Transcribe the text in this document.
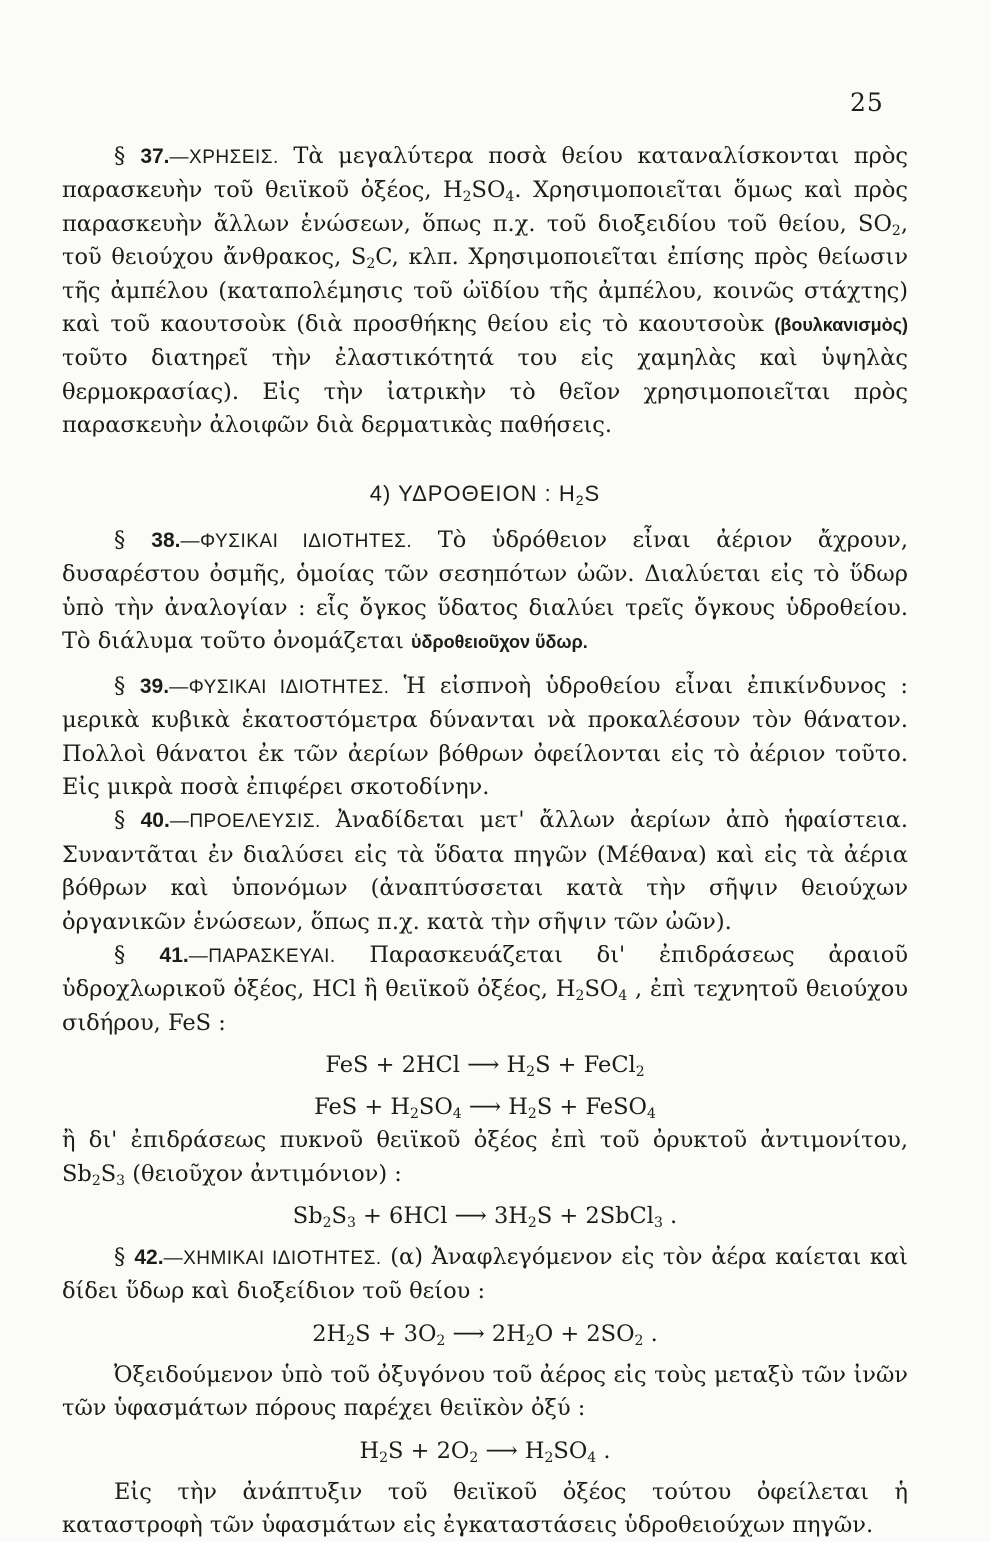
25

§ 37.—ΧΡΗΣΕΙΣ. Τὰ μεγαλύτερα ποσὰ θείου καταναλίσκονται πρὸς παρασκευὴν τοῦ θειϊκοῦ ὀξέος, $H_2SO_4$. Χρησιμοποιεῖται ὅμως καὶ πρὸς παρασκευὴν ἄλλων ἑνώσεων, ὅπως π.χ. τοῦ διοξειδίου τοῦ θείου, $SO_2$, τοῦ θειούχου ἄνθρακος, $S_2C$, κλπ. Χρησιμοποιεῖται ἐπίσης πρὸς θείωσιν τῆς ἀμπέλου (καταπολέμησις τοῦ ὠϊδίου τῆς ἀμπέλου, κοινῶς στάχτης) καὶ τοῦ καουτσοὺκ (διὰ προσθήκης θείου εἰς τὸ καουτσοὺκ (βουλκανισμὸς) τοῦτο διατηρεῖ τὴν ἐλαστικότητά του εἰς χαμηλὰς καὶ ὑψηλὰς θερμοκρασίας). Εἰς τὴν ἰατρικὴν τὸ θεῖον χρησιμοποιεῖται πρὸς παρασκευὴν ἀλοιφῶν διὰ δερματικὰς παθήσεις.

4) ΥΔΡΟΘΕΙΟΝ : $H_2S$

§ 38.—ΦΥΣΙΚΑΙ ΙΔΙΟΤΗΤΕΣ. Τὸ ὑδρόθειον εἶναι ἀέριον ἄχρουν, δυσαρέστου ὀσμῆς, ὁμοίας τῶν σεσηπότων ὠῶν. Διαλύεται εἰς τὸ ὕδωρ ὑπὸ τὴν ἀναλογίαν : εἷς ὄγκος ὕδατος διαλύει τρεῖς ὄγκους ὑδροθείου. Τὸ διάλυμα τοῦτο ὀνομάζεται ὑδροθειοῦχον ὕδωρ.

§ 39.—ΦΥΣΙΚΑΙ ΙΔΙΟΤΗΤΕΣ. Ἡ εἰσπνοὴ ὑδροθείου εἶναι ἐπικίνδυνος : μερικὰ κυβικὰ ἑκατοστόμετρα δύνανται νὰ προκαλέσουν τὸν θάνατον. Πολλοὶ θάνατοι ἐκ τῶν ἀερίων βόθρων ὀφείλονται εἰς τὸ ἀέριον τοῦτο. Εἰς μικρὰ ποσὰ ἐπιφέρει σκοτοδίνην.

§ 40.—ΠΡΟΕΛΕΥΣΙΣ. Ἀναδίδεται μετ' ἄλλων ἀερίων ἀπὸ ἡφαίστεια. Συναντᾶται ἐν διαλύσει εἰς τὰ ὕδατα πηγῶν (Μέθανα) καὶ εἰς τὰ ἀέρια βόθρων καὶ ὑπονόμων (ἀναπτύσσεται κατὰ τὴν σῆψιν θειούχων ὀργανικῶν ἑνώσεων, ὅπως π.χ. κατὰ τὴν σῆψιν τῶν ὠῶν).

§ 41.—ΠΑΡΑΣΚΕΥΑΙ. Παρασκευάζεται δι' ἐπιδράσεως ἀραιοῦ ὑδροχλωρικοῦ ὀξέος, HCl ἢ θειϊκοῦ ὀξέος, $H_2SO_4$ , ἐπὶ τεχνητοῦ θειούχου σιδήρου, FeS :

FeS + 2HCl ⟶ $H_2S$ + FeCl$_2$
FeS + $H_2SO_4$ ⟶ $H_2S$ + FeSO$_4$

ἢ δι' ἐπιδράσεως πυκνοῦ θειϊκοῦ ὀξέος ἐπὶ τοῦ ὀρυκτοῦ ἀντιμονίτου, $Sb_2S_3$ (θειοῦχον ἀντιμόνιον) :

$Sb_2S_3 + 6HCl$ ⟶ $3H_2S$ + 2SbCl$_3$ .

§ 42.—ΧΗΜΙΚΑΙ ΙΔΙΟΤΗΤΕΣ. (α) Ἀναφλεγόμενον εἰς τὸν ἀέρα καίεται καὶ δίδει ὕδωρ καὶ διοξείδιον τοῦ θείου :

$2H_2S + 3O_2$ ⟶ $2H_2O + 2SO_2$ .

Ὀξειδούμενον ὑπὸ τοῦ ὀξυγόνου τοῦ ἀέρος εἰς τοὺς μεταξὺ τῶν ἰνῶν τῶν ὑφασμάτων πόρους παρέχει θειϊκὸν ὀξύ :

$H_2S + 2O_2$ ⟶ $H_2SO_4$ .

Εἰς τὴν ἀνάπτυξιν τοῦ θειϊκοῦ ὀξέος τούτου ὀφείλεται ἡ καταστροφὴ τῶν ὑφασμάτων εἰς ἐγκαταστάσεις ὑδροθειούχων πηγῶν.
